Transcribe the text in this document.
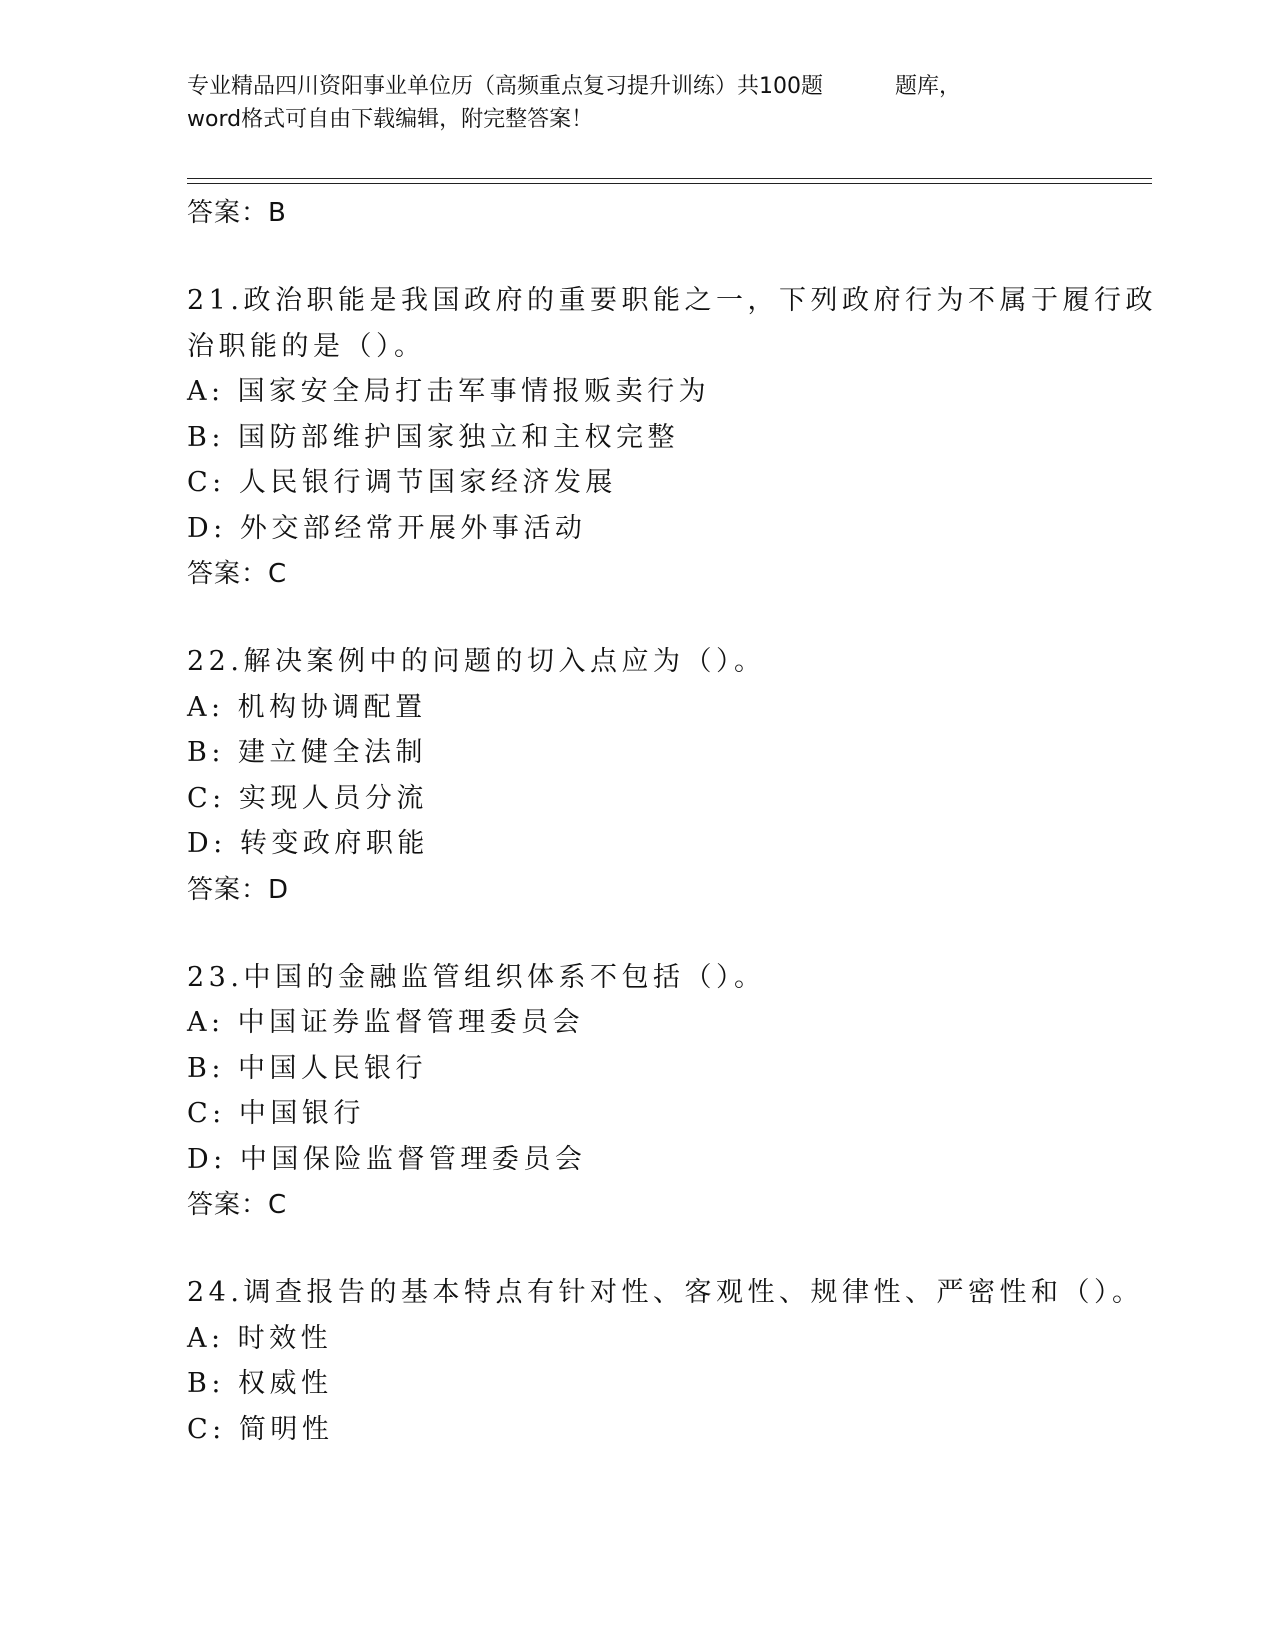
专业精品四川资阳事业单位历（高频重点复习提升训练）共100题	题库，
word格式可自由下载编辑，附完整答案！
答案：B
21.政治职能是我国政府的重要职能之一，下列政府行为不属于履行政
治职能的是（）。
A: 国家安全局打击军事情报贩卖行为
B: 国防部维护国家独立和主权完整
C: 人民银行调节国家经济发展
D: 外交部经常开展外事活动
答案：C
22.解决案例中的问题的切入点应为（）。
A: 机构协调配置
B: 建立健全法制
C: 实现人员分流
D: 转变政府职能
答案：D
23.中国的金融监管组织体系不包括（）。
A: 中国证券监督管理委员会
B: 中国人民银行
C: 中国银行
D: 中国保险监督管理委员会
答案：C
24.调查报告的基本特点有针对性、客观性、规律性、严密性和（）。
A: 时效性
B: 权威性
C: 简明性
